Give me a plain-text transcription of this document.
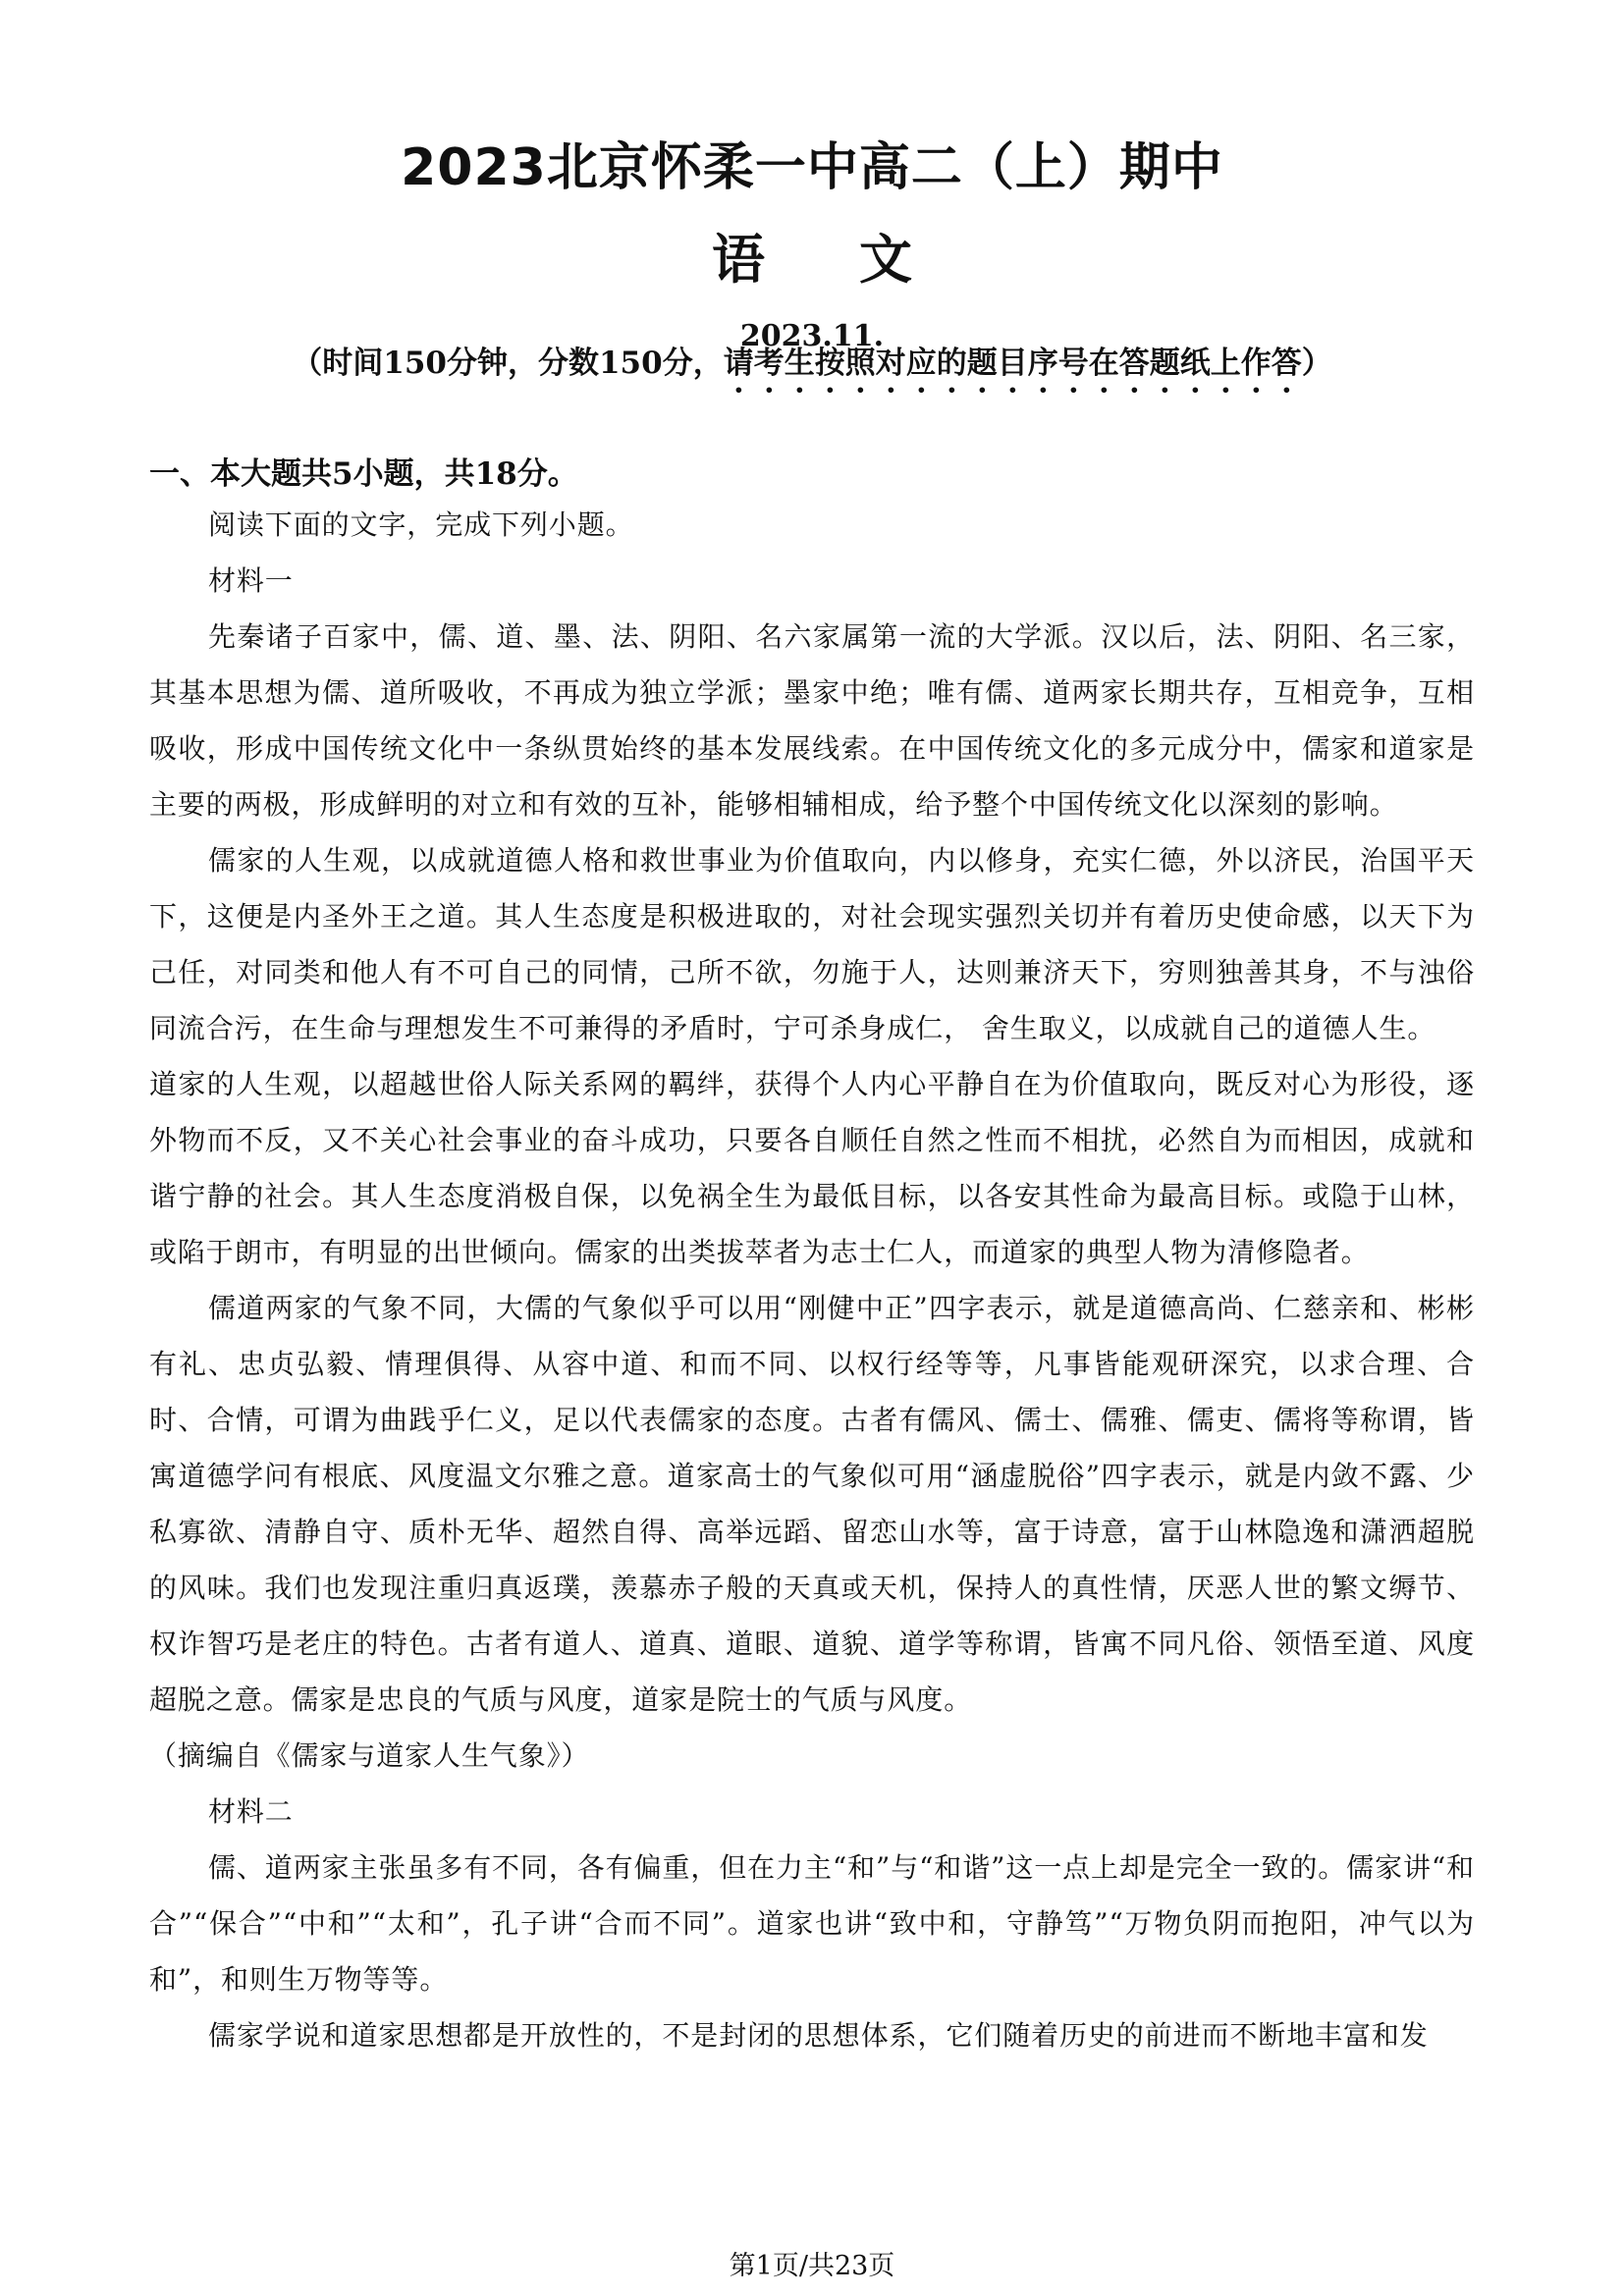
2023北京怀柔一中高二（上）期中
语文
2023.11.
（时间150分钟，分数150分，请考生按照对应的题目序号在答题纸上作答）
一、本大题共5小题，共18分。

阅读下面的文字，完成下列小题。

材料一

先秦诸子百家中，儒、道、墨、法、阴阳、名六家属第一流的大学派。汉以后，法、阴阳、名三家，其基本思想为儒、道所吸收，不再成为独立学派；墨家中绝；唯有儒、道两家长期共存，互相竞争，互相吸收，形成中国传统文化中一条纵贯始终的基本发展线索。在中国传统文化的多元成分中，儒家和道家是主要的两极，形成鲜明的对立和有效的互补，能够相辅相成，给予整个中国传统文化以深刻的影响。

儒家的人生观，以成就道德人格和救世事业为价值取向，内以修身，充实仁德，外以济民，治国平天下，这便是内圣外王之道。其人生态度是积极进取的，对社会现实强烈关切并有着历史使命感，以天下为己任，对同类和他人有不可自己的同情，己所不欲，勿施于人，达则兼济天下，穷则独善其身，不与浊俗同流合污，在生命与理想发生不可兼得的矛盾时，宁可杀身成仁， 舍生取义，以成就自己的道德人生。

道家的人生观，以超越世俗人际关系网的羁绊，获得个人内心平静自在为价值取向，既反对心为形役，逐外物而不反，又不关心社会事业的奋斗成功，只要各自顺任自然之性而不相扰，必然自为而相因，成就和谐宁静的社会。其人生态度消极自保，以免祸全生为最低目标，以各安其性命为最高目标。或隐于山林，或陷于朗市，有明显的出世倾向。儒家的出类拔萃者为志士仁人，而道家的典型人物为清修隐者。

儒道两家的气象不同，大儒的气象似乎可以用“刚健中正”四字表示，就是道德高尚、仁慈亲和、彬彬有礼、忠贞弘毅、情理俱得、从容中道、和而不同、以权行经等等，凡事皆能观研深究，以求合理、合时、合情，可谓为曲践乎仁义，足以代表儒家的态度。古者有儒风、儒士、儒雅、儒吏、儒将等称谓，皆寓道德学问有根底、风度温文尔雅之意。道家高士的气象似可用“涵虚脱俗”四字表示，就是内敛不露、少私寡欲、清静自守、质朴无华、超然自得、高举远蹈、留恋山水等，富于诗意，富于山林隐逸和潇洒超脱的风味。我们也发现注重归真返璞，羡慕赤子般的天真或天机，保持人的真性情，厌恶人世的繁文缛节、权诈智巧是老庄的特色。古者有道人、道真、道眼、道貌、道学等称谓，皆寓不同凡俗、领悟至道、风度超脱之意。儒家是忠良的气质与风度，道家是院士的气质与风度。

（摘编自《儒家与道家人生气象》）

材料二

儒、道两家主张虽多有不同，各有偏重，但在力主“和”与“和谐”这一点上却是完全一致的。儒家讲“和合”“保合”“中和”“太和”，孔子讲“合而不同”。道家也讲“致中和，守静笃”“万物负阴而抱阳，冲气以为和”，和则生万物等等。

儒家学说和道家思想都是开放性的，不是封闭的思想体系，它们随着历史的前进而不断地丰富和发

第1页/共23页
